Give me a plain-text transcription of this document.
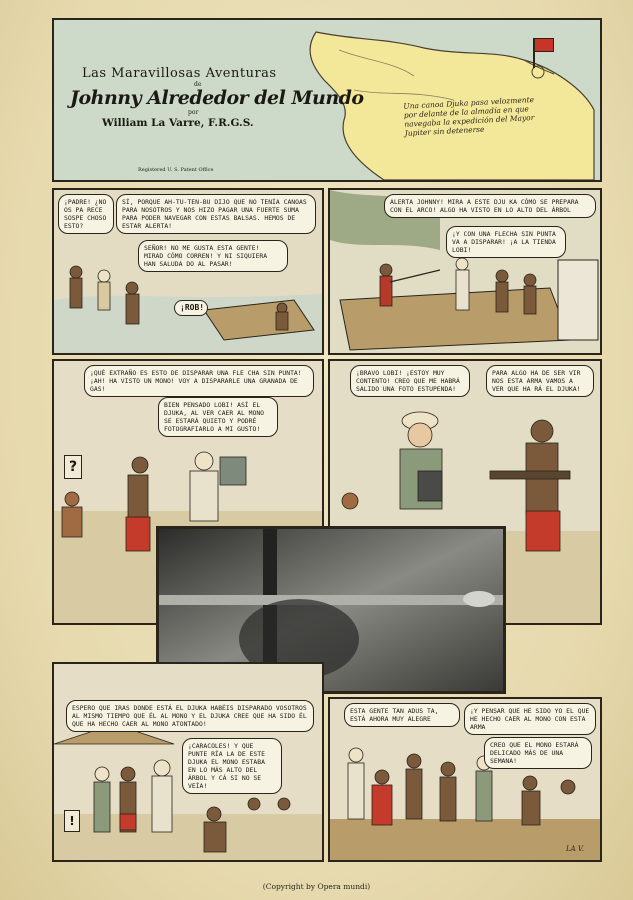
Las Maravillosas Aventuras
de
Johnny Alrededor del Mundo
por
William La Varre, F.R.G.S.
Registered U. S. Patent Office
Una canoa Djuka pasa velozmente por delante de la almadía en que navegaba la expedición del Mayor Jupiter sin detenerse
¡PADRE! ¿NO OS PA RECE SOSPE CHOSO ESTO?
SÍ, PORQUE AH-TU-TEN-BU DIJO QUE NO TENÍA CANOAS PARA NOSOTROS Y NOS HIZO PAGAR UNA FUERTE SUMA PARA PODER NAVEGAR CON ESTAS BALSAS. HEMOS DE ESTAR ALERTA!
SEÑOR! NO ME GUSTA ESTA GENTE! MIRAD CÓMO CORREN! Y NI SIQUIERA HAN SALUDA DO AL PASAR!
¡ROB!
ALERTA JOHNNY! MIRA A ESTE DJU KA CÓMO SE PREPARA CON EL ARCO! ALGO HA VISTO EN LO ALTO DEL ÁRBOL
¡Y CON UNA FLECHA SIN PUNTA VA A DISPARAR! ¡A LA TIENDA LOBI!
¡QUÉ EXTRAÑO ES ESTO DE DISPARAR UNA FLE CHA SIN PUNTA! ¡AH! HA VISTO UN MONO! VOY A DISPARARLE UNA GRANADA DE GAS!
BIEN PENSADO LOBI! ASÍ EL DJUKA, AL VER CAER AL MONO SE ESTARÁ QUIETO Y PODRÉ FOTOGRAFIARLO A MI GUSTO!
?
¡BRAVO LOBI! ¡ESTOY MUY CONTENTO! CREO QUE ME HABRÁ SALIDO UNA FOTO ESTUPENDA!
PARA ALGO HA DE SER VIR NOS ESTA ARMA VAMOS A VER QUE HA RÁ EL DJUKA!
ESPERO QUE IRAS DONDE ESTÁ EL DJUKA HABÉIS DISPARADO VOSOTROS AL MISMO TIEMPO QUE ÉL AL MONO Y EL DJUKA CREE QUE HA SIDO ÉL QUE HA HECHO CAER AL MONO ATONTADO!
¡CARACOLES! Y QUE PUNTE RÍA LA DE ESTE DJUKA EL MONO ESTABA EN LO MÁS ALTO DEL ÁRBOL Y CÁ SI NO SE VEÍA!
!
ESTA GENTE TAN ADUS TA, ESTÁ AHORA MUY ALEGRE
¡Y PENSAR QUE HE SIDO YO EL QUE HE HECHO CAER AL MONO CON ESTA ARMA
CREO QUE EL MONO ESTARÁ DELICADO MÁS DE UNA SEMANA!
LA V.
(Copyright by Opera mundi)
